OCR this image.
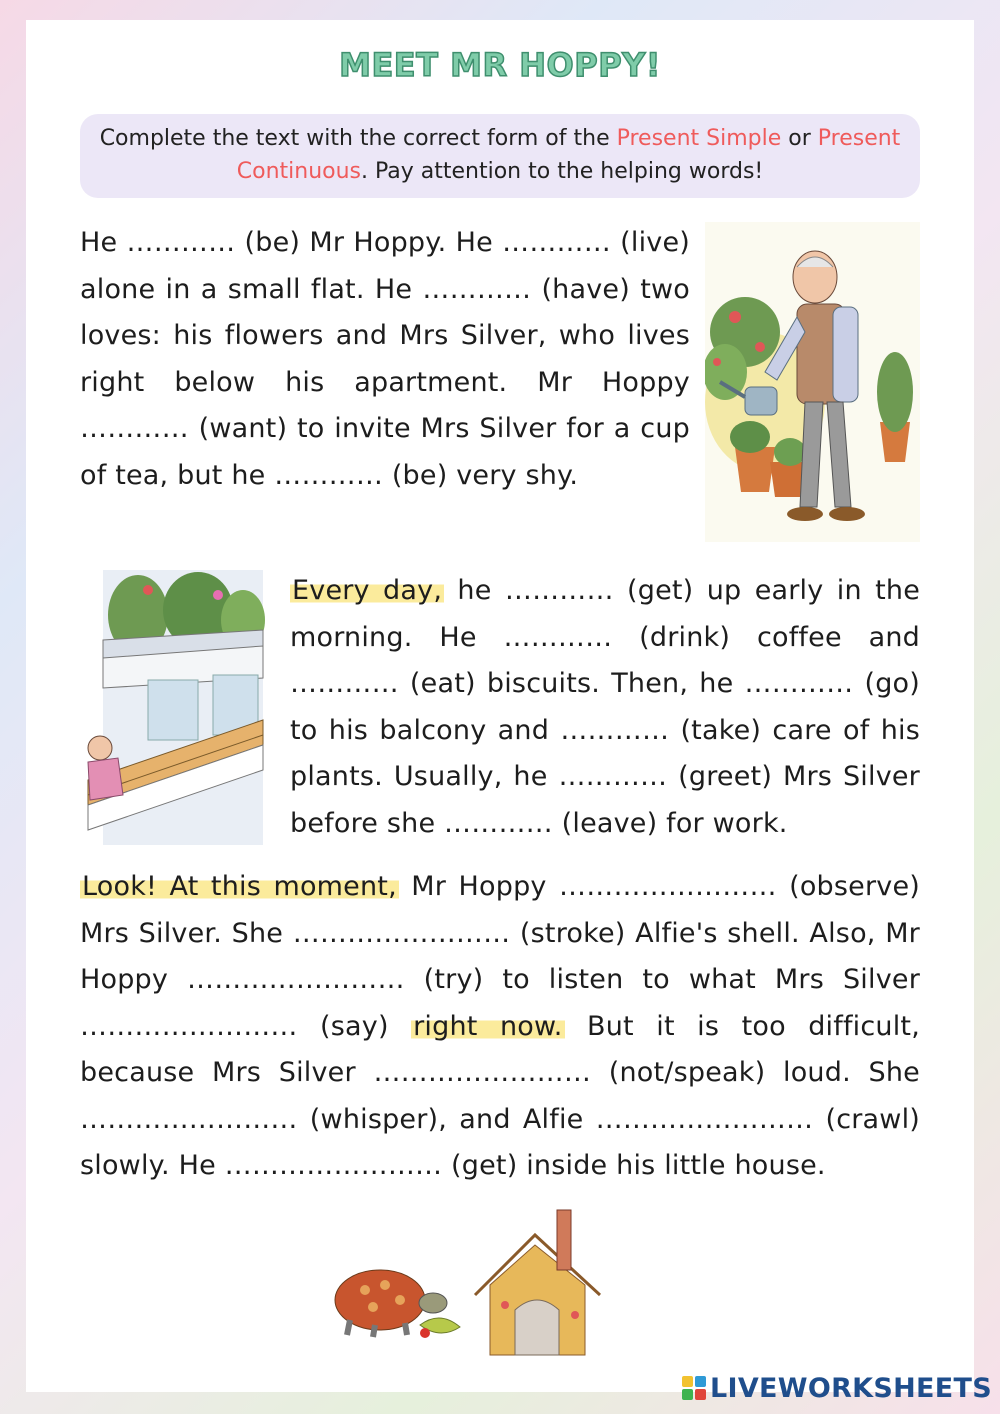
MEET MR HOPPY!
Complete the text with the correct form of the Present Simple or Present Continuous. Pay attention to the helping words!
He ………… (be) Mr Hoppy. He ………… (live) alone in a small flat. He ………… (have) two loves: his flowers and Mrs Silver, who lives right below his apartment. Mr Hoppy ………… (want) to invite Mrs Silver for a cup of tea, but he ………… (be) very shy.
Every day, he ………… (get) up early in the morning. He ………… (drink) coffee and ………… (eat) biscuits. Then, he ………… (go) to his balcony and ………… (take) care of his plants. Usually, he ………… (greet) Mrs Silver before she ………… (leave) for work.
Look! At this moment, Mr Hoppy …………………… (observe) Mrs Silver. She …………………… (stroke) Alfie's shell. Also, Mr Hoppy …………………… (try) to listen to what Mrs Silver …………………… (say) right now. But it is too difficult, because Mrs Silver …………………… (not/speak) loud. She …………………… (whisper), and Alfie …………………… (crawl) slowly. He …………………… (get) inside his little house.
LIVEWORKSHEETS
